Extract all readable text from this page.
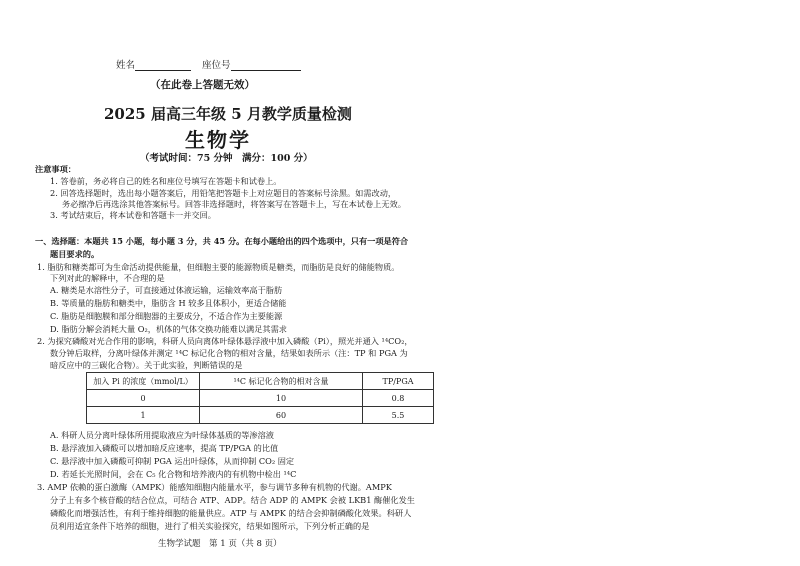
姓名	座位号
（在此卷上答题无效）
2025 届高三年级 5 月教学质量检测
生物学
（考试时间：75 分钟　满分：100 分）
注意事项：
1. 答卷前，务必将自己的姓名和座位号填写在答题卡和试卷上。
2. 回答选择题时，选出每小题答案后，用铅笔把答题卡上对应题目的答案标号涂黑。如需改动，
务必擦净后再选涂其他答案标号。回答非选择题时，将答案写在答题卡上，写在本试卷上无效。
3. 考试结束后，将本试卷和答题卡一并交回。
一、选择题：本题共 15 小题，每小题 3 分，共 45 分。在每小题给出的四个选项中，只有一项是符合
题目要求的。
1. 脂肪和糖类都可为生命活动提供能量，但细胞主要的能源物质是糖类，而脂肪是良好的储能物质。
下列对此的解释中，不合理的是
A. 糖类是水溶性分子，可直接通过体液运输，运输效率高于脂肪
B. 等质量的脂肪和糖类中，脂肪含 H 较多且体积小，更适合储能
C. 脂肪是细胞膜和部分细胞器的主要成分，不适合作为主要能源
D. 脂肪分解会消耗大量 O₂，机体的气体交换功能难以满足其需求
2. 为探究磷酸对光合作用的影响，科研人员向离体叶绿体悬浮液中加入磷酸（Pi），照光并通入 ¹⁴CO₂，
数分钟后取样，分离叶绿体并测定 ¹⁴C 标记化合物的相对含量，结果如表所示（注：TP 和 PGA 为
暗反应中的三碳化合物）。关于此实验，判断错误的是
加入 Pi 的浓度（mmol/L）	¹⁴C 标记化合物的相对含量	TP/PGA
0	10	0.8
1	60	5.5
A. 科研人员分离叶绿体所用提取液应为叶绿体基质的等渗溶液
B. 悬浮液加入磷酸可以增加暗反应速率，提高 TP/PGA 的比值
C. 悬浮液中加入磷酸可抑制 PGA 运出叶绿体，从而抑制 CO₂ 固定
D. 若延长光照时间，会在 C₅ 化合物和培养液内的有机物中检出 ¹⁴C
3. AMP 依赖的蛋白激酶（AMPK）能感知细胞内能量水平，参与调节多种有机物的代谢。AMPK
分子上有多个核苷酸的结合位点，可结合 ATP、ADP。结合 ADP 的 AMPK 会被 LKB1 酶催化发生
磷酸化而增强活性，有利于维持细胞的能量供应。ATP 与 AMPK 的结合会抑制磷酸化效果。科研人
员利用适宜条件下培养的细胞，进行了相关实验探究，结果如图所示，下列分析正确的是
生物学试题　第 1 页（共 8 页）
